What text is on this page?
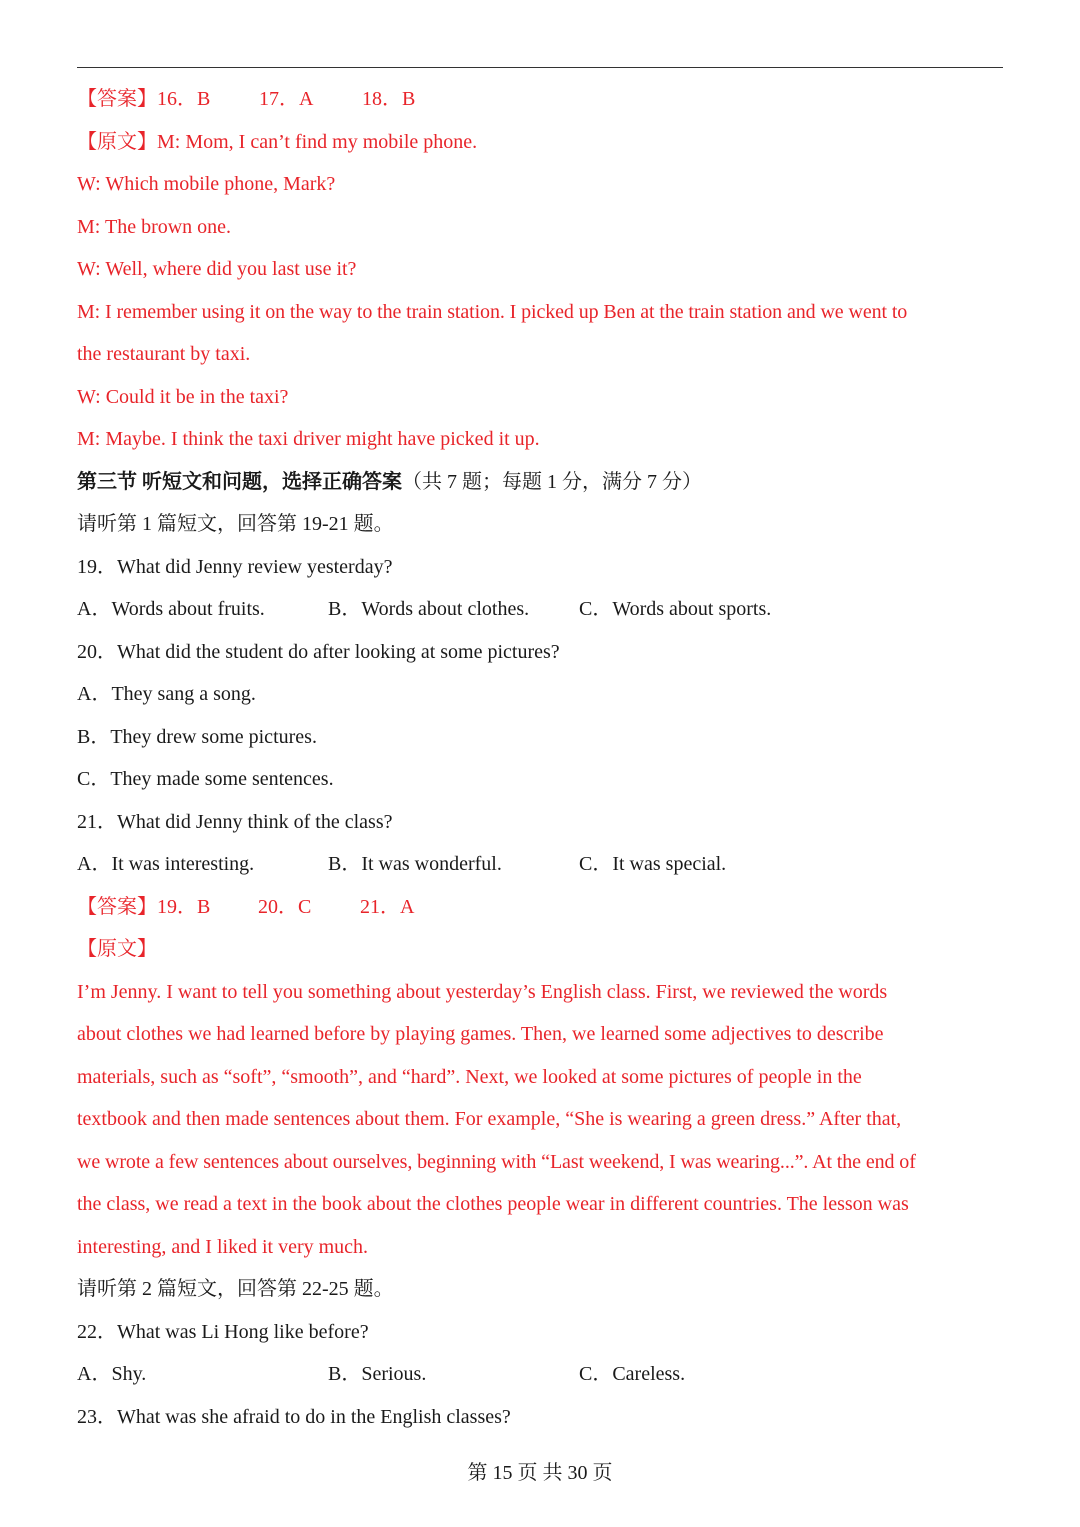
【答案】16．B 17．A 18．B
【原文】M: Mom, I can’t find my mobile phone.
W: Which mobile phone, Mark?
M: The brown one.
W: Well, where did you last use it?
M: I remember using it on the way to the train station. I picked up Ben at the train station and we went to
the restaurant by taxi.
W: Could it be in the taxi?
M: Maybe. I think the taxi driver might have picked it up.
第三节 听短文和问题，选择正确答案（共 7 题；每题 1 分，满分 7 分）
请听第 1 篇短文，回答第 19-21 题。
19．What did Jenny review yesterday?
A．Words about fruits.	B．Words about clothes. C．Words about sports.
20．What did the student do after looking at some pictures?
A．They sang a song.
B．They drew some pictures.
C．They made some sentences.
21．What did Jenny think of the class?
A．It was interesting.	B．It was wonderful.	C．It was special.
【答案】19．B 20．C 21．A
【原文】
I’m Jenny. I want to tell you something about yesterday’s English class. First, we reviewed the words
about clothes we had learned before by playing games. Then, we learned some adjectives to describe
materials, such as “soft”, “smooth”, and “hard”. Next, we looked at some pictures of people in the
textbook and then made sentences about them. For example, “She is wearing a green dress.” After that,
we wrote a few sentences about ourselves, beginning with “Last weekend, I was wearing...”. At the end of
the class, we read a text in the book about the clothes people wear in different countries. The lesson was
interesting, and I liked it very much.
请听第 2 篇短文，回答第 22-25 题。
22．What was Li Hong like before?
A．Shy.	B．Serious.	C．Careless.
23．What was she afraid to do in the English classes?
第 15 页 共 30 页
